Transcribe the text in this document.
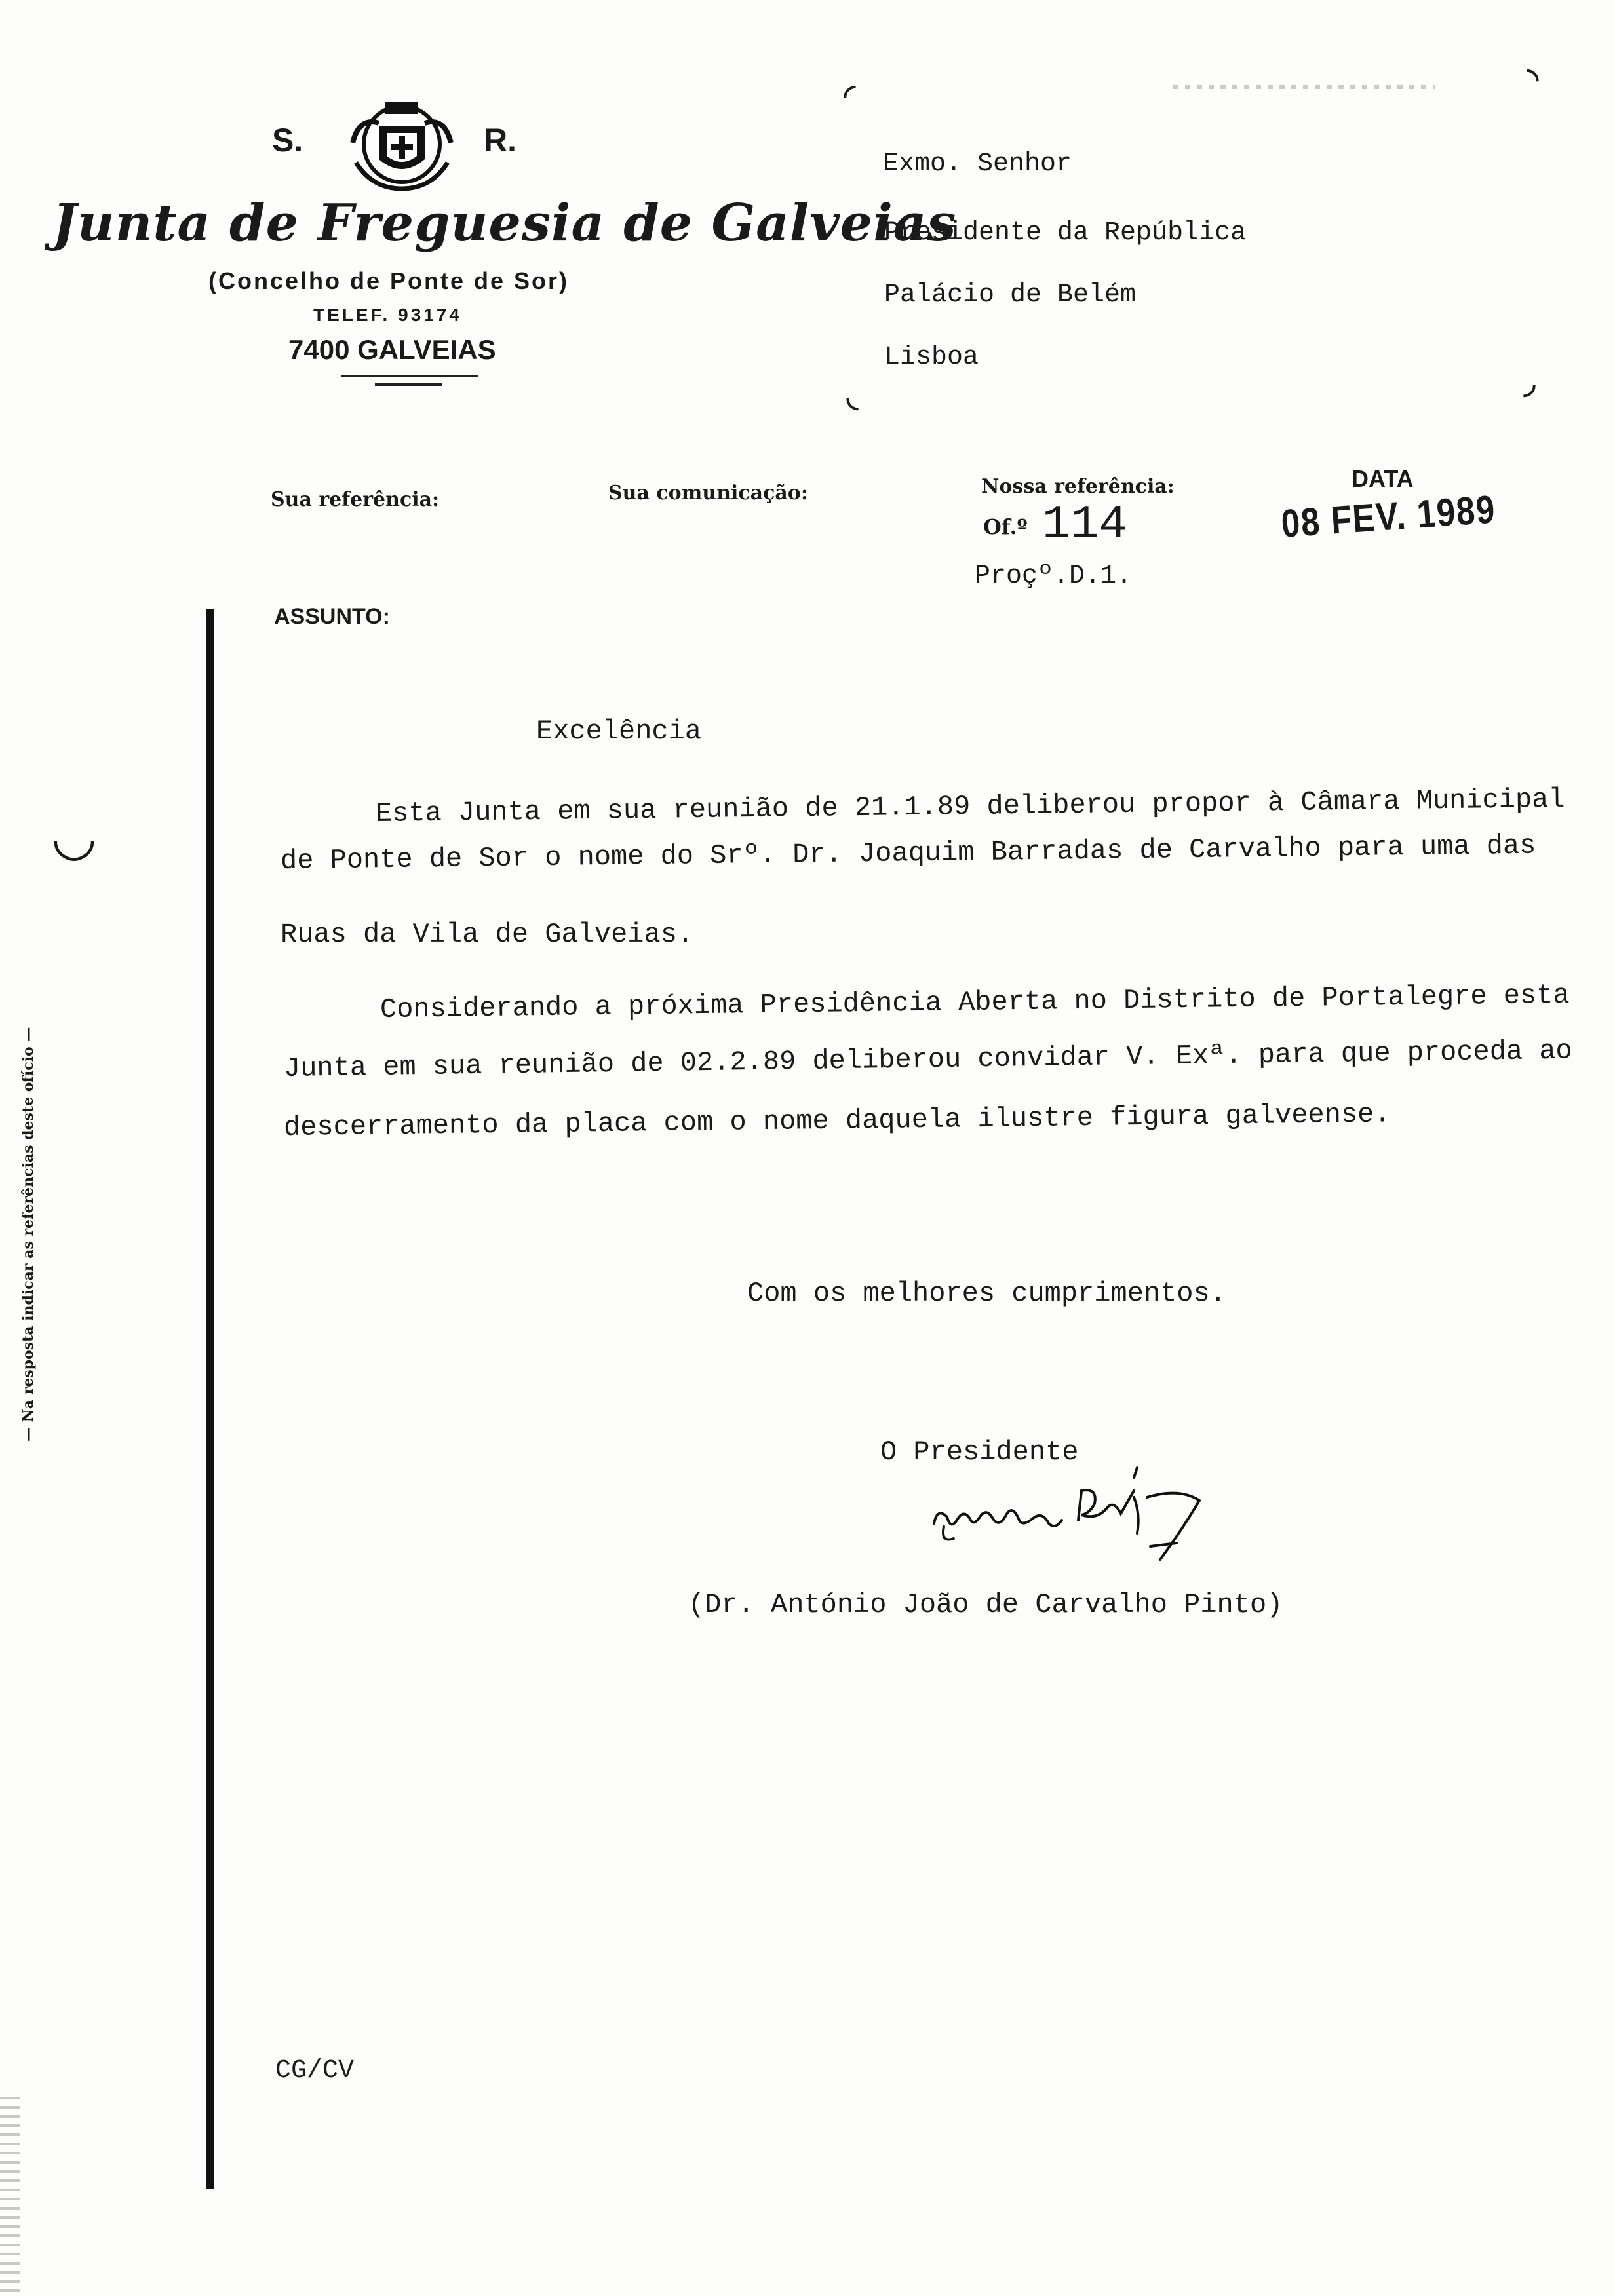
S.	R.
Junta de Freguesia de Galveias
(Concelho de Ponte de Sor)
TELEF. 93174
7400 GALVEIAS
◜
◝
◟	◞
Exmo. Senhor
Presidente da República
Palácio de Belém
Lisboa
Sua referência:	Sua comunicação:	Nossa referência:	DATA
Of.º 114
Proçº.D.1.
08 FEV. 1989
◡
— Na resposta indicar as referências deste ofício —
ASSUNTO:
Excelência
Esta Junta em sua reunião de 21.1.89 deliberou propor à Câmara Municipal
de Ponte de Sor o nome do Srº. Dr. Joaquim Barradas de Carvalho para uma das
Ruas da Vila de Galveias.
Considerando a próxima Presidência Aberta no Distrito de Portalegre esta
Junta em sua reunião de 02.2.89 deliberou convidar V. Exª. para que proceda ao
descerramento da placa com o nome daquela ilustre figura galveense.
Com os melhores cumprimentos.
O Presidente
(Dr. António João de Carvalho Pinto)
CG/CV
